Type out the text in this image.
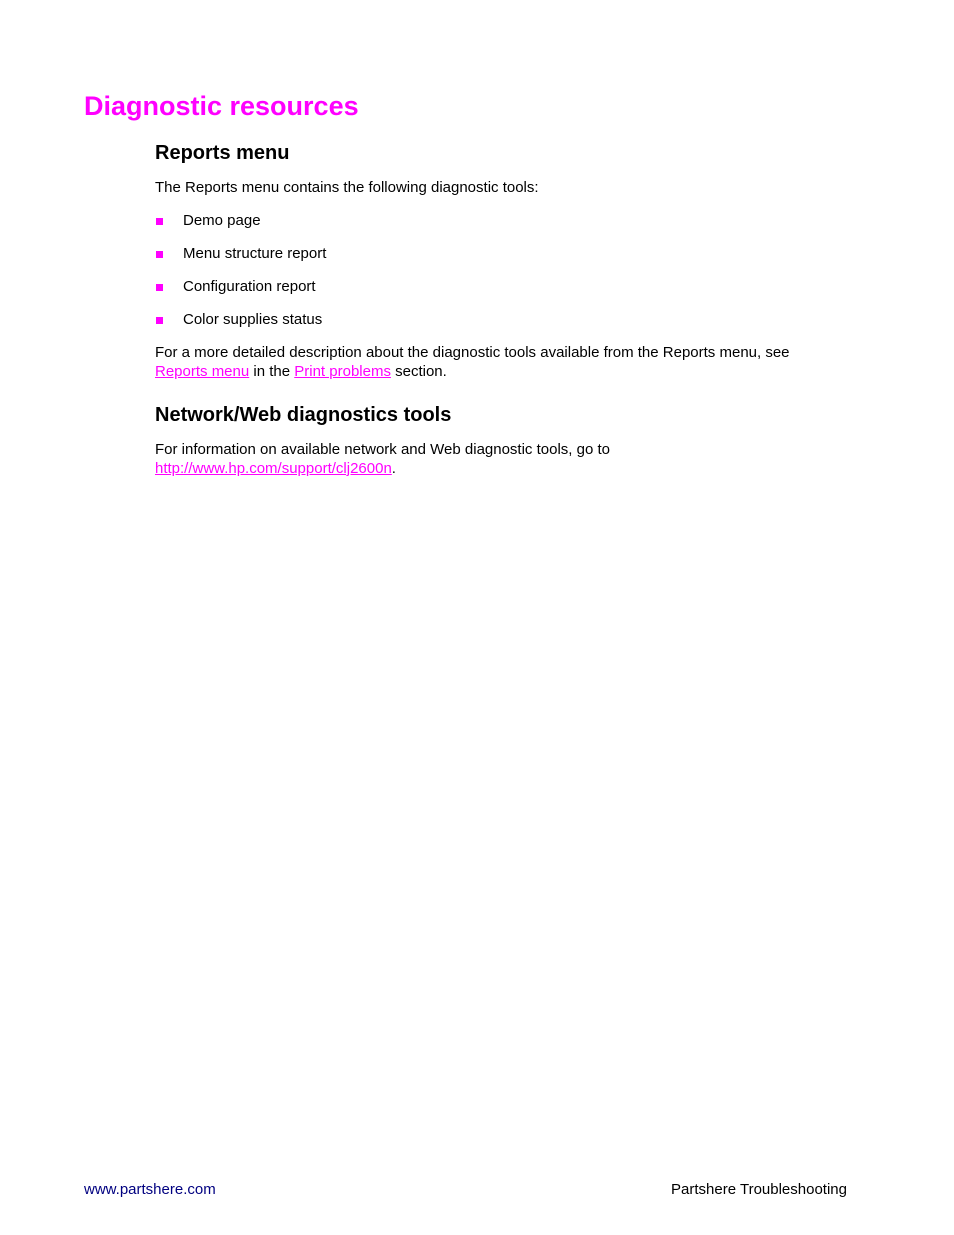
Diagnostic resources
Reports menu

The Reports menu contains the following diagnostic tools:

Demo page
Menu structure report
Configuration report
Color supplies status

For a more detailed description about the diagnostic tools available from the Reports menu, see Reports menu in the Print problems section.

Network/Web diagnostics tools

For information on available network and Web diagnostic tools, go to http://www.hp.com/support/clj2600n.

www.partshere.com	Partshere Troubleshooting
